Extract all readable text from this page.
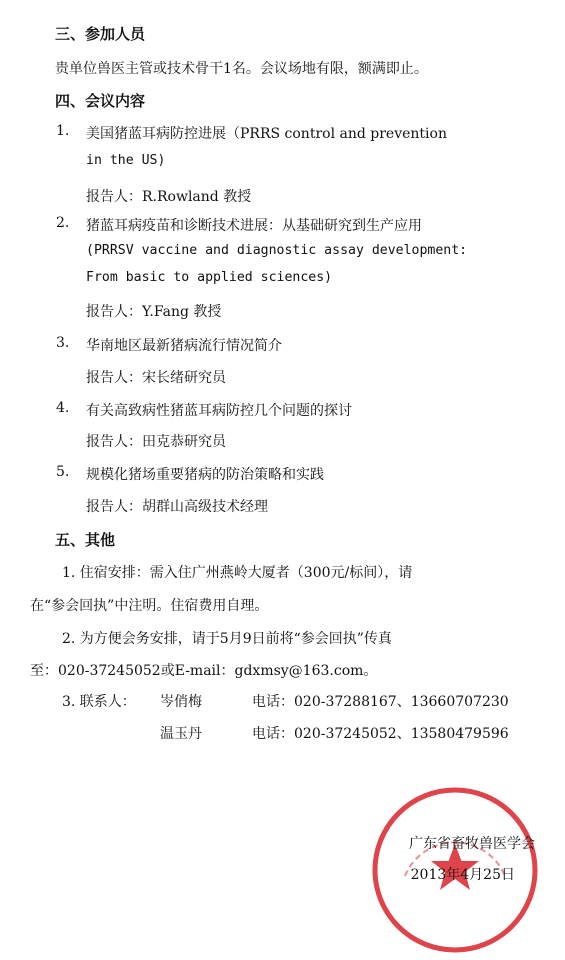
三、参加人员
贵单位兽医主管或技术骨干1名。会议场地有限，额满即止。
四、会议内容
1. 美国猪蓝耳病防控进展（PRRS control and prevention
in the US)
报告人：R.Rowland 教授
2. 猪蓝耳病疫苗和诊断技术进展：从基础研究到生产应用
(PRRSV vaccine and diagnostic assay development:
From basic to applied sciences)
报告人：Y.Fang 教授
3. 华南地区最新猪病流行情况简介
报告人：宋长绪研究员
4. 有关高致病性猪蓝耳病防控几个问题的探讨
报告人：田克恭研究员
5. 规模化猪场重要猪病的防治策略和实践
报告人：胡群山高级技术经理
五、其他
1. 住宿安排：需入住广州燕岭大厦者（300元/标间），请
在“参会回执”中注明。住宿费用自理。
2. 为方便会务安排，请于5月9日前将“参会回执”传真
至：020-37245052或E-mail：gdxmsy@163.com。
3. 联系人： 岑俏梅	电话：020-37288167、13660707230
温玉丹	电话：020-37245052、13580479596
广东省畜牧兽医学会
2013年4月25日
